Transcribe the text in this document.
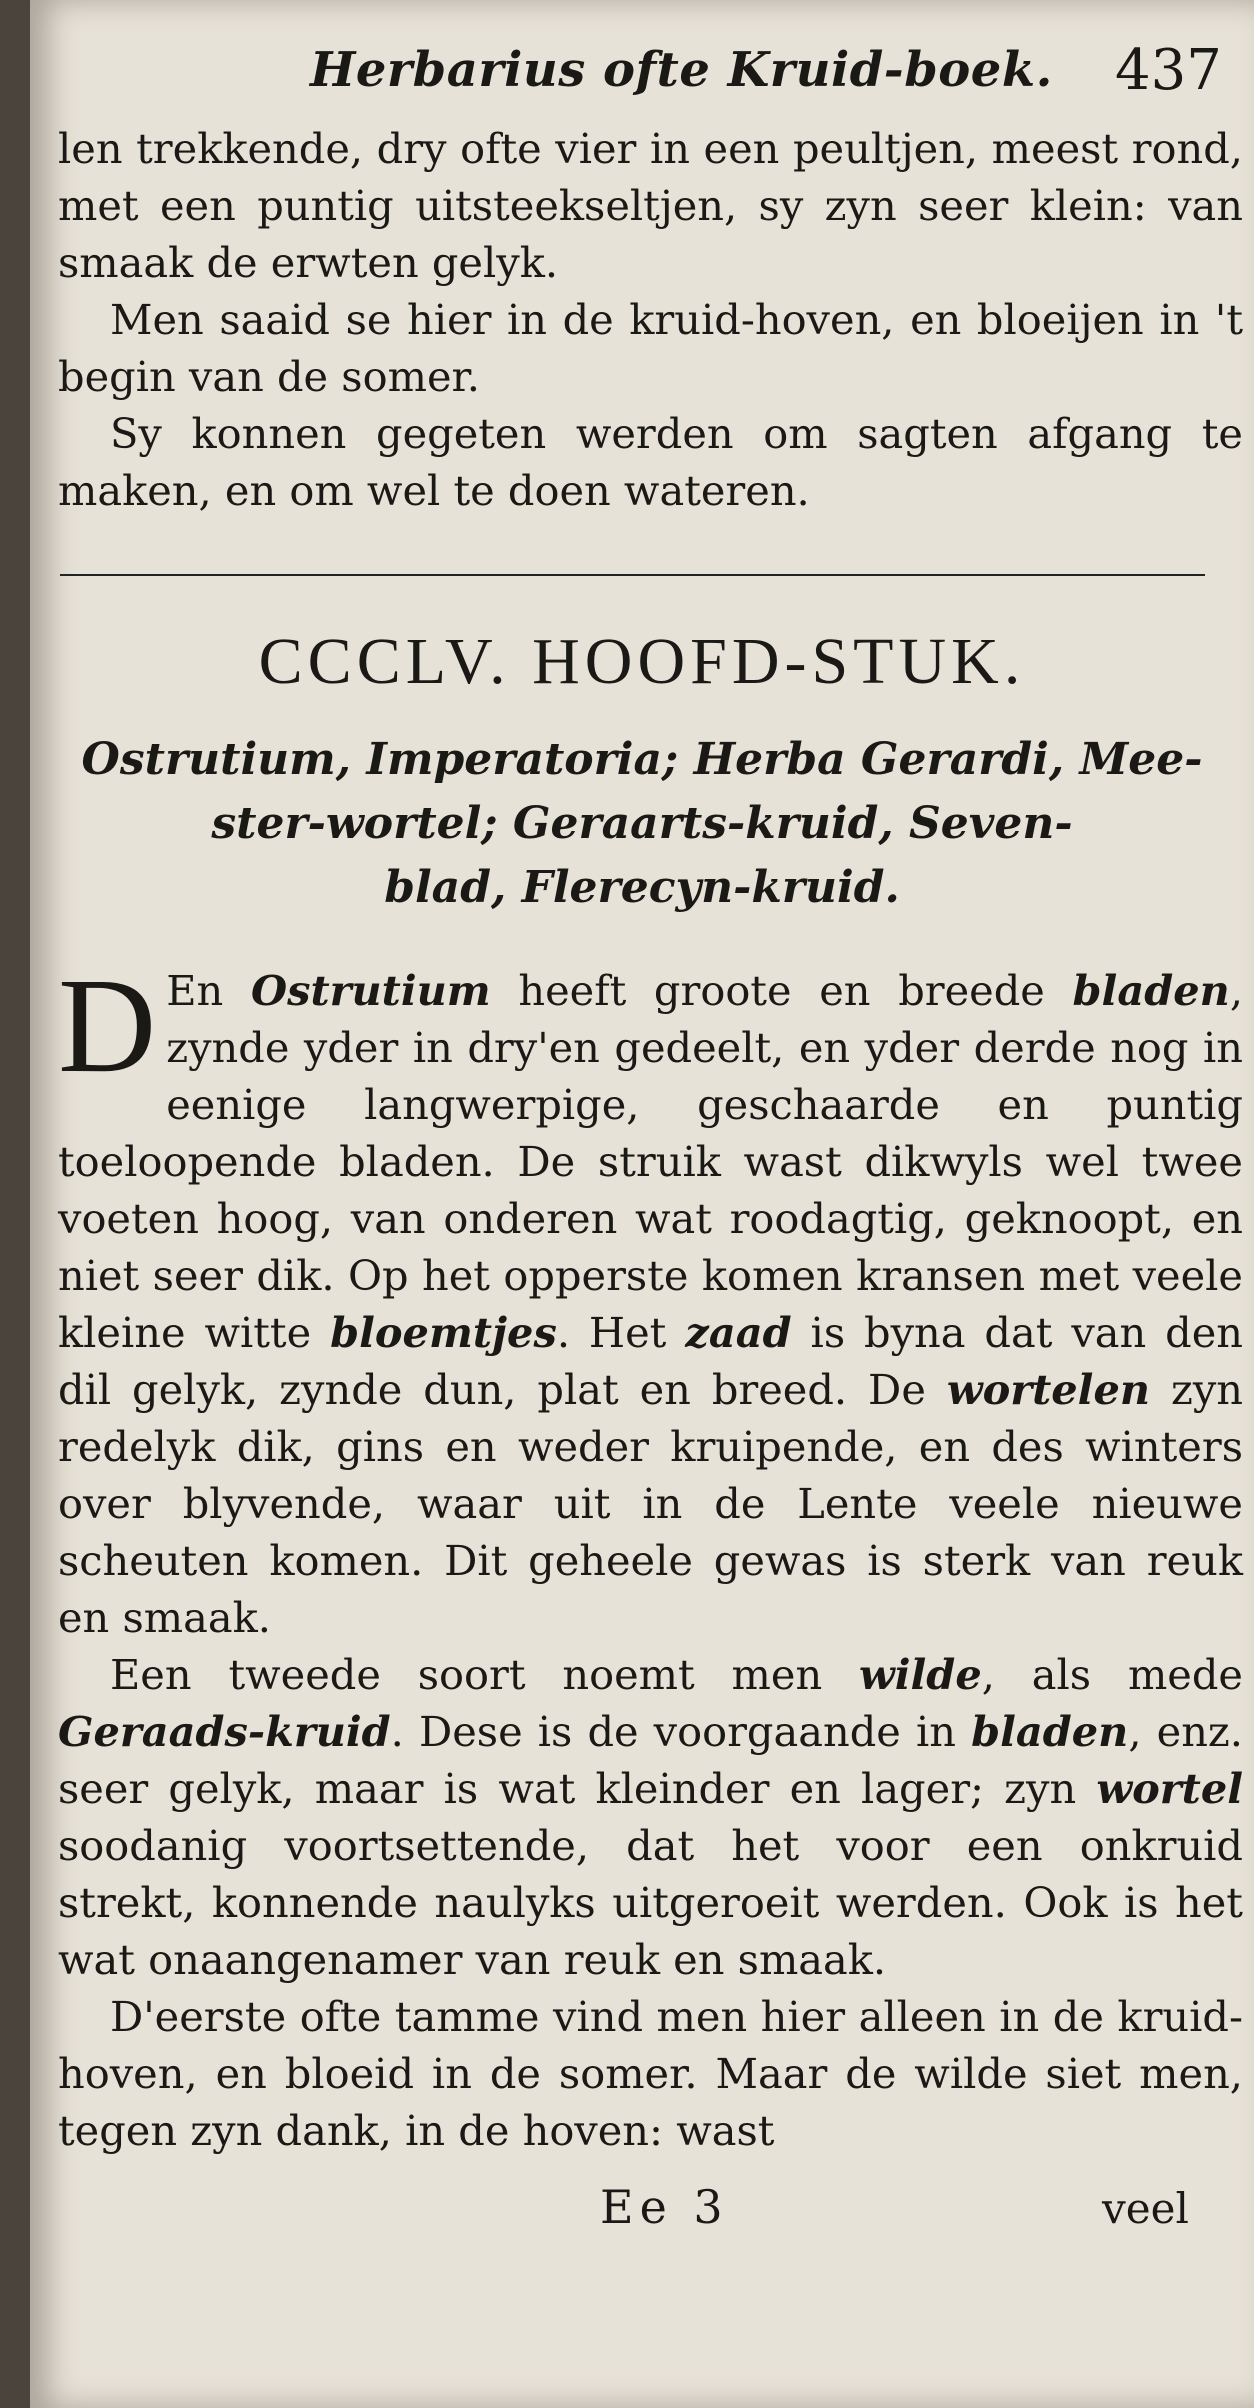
Herbarius ofte Kruid-boek. 437

len trekkende, dry ofte vier in een peultjen, meest rond, met een puntig uitsteekseltjen, sy zyn seer klein: van smaak de erwten gelyk.

Men saaid se hier in de kruid-hoven, en bloeijen in 't begin van de somer.

Sy konnen gegeten werden om sagten afgang te maken, en om wel te doen wateren.

CCCLV. HOOFD-STUK.
Ostrutium, Imperatoria; Herba Gerardi, Mee-
ster-wortel; Geraarts-kruid, Seven-
blad, Flerecyn-kruid.

D En Ostrutium heeft groote en breede bladen, zynde yder in dry'en gedeelt, en yder derde nog in eenige langwerpige, geschaarde en puntig toeloopende bladen. De struik wast dikwyls wel twee voeten hoog, van onderen wat roodagtig, geknoopt, en niet seer dik. Op het opperste komen kransen met veele kleine witte bloemtjes. Het zaad is byna dat van den dil gelyk, zynde dun, plat en breed. De wortelen zyn redelyk dik, gins en weder kruipende, en des winters over blyvende, waar uit in de Lente veele nieuwe scheuten komen. Dit geheele gewas is sterk van reuk en smaak.

Een tweede soort noemt men wilde, als mede Geraads-kruid. Dese is de voorgaande in bladen, enz. seer gelyk, maar is wat kleinder en lager; zyn wortel soodanig voortsettende, dat het voor een onkruid strekt, konnende naulyks uitgeroeit werden. Ook is het wat onaangenamer van reuk en smaak.

D'eerste ofte tamme vind men hier alleen in de kruid-hoven, en bloeid in de somer. Maar de wilde siet men, tegen zyn dank, in de hoven: wast

Ee 3	veel
